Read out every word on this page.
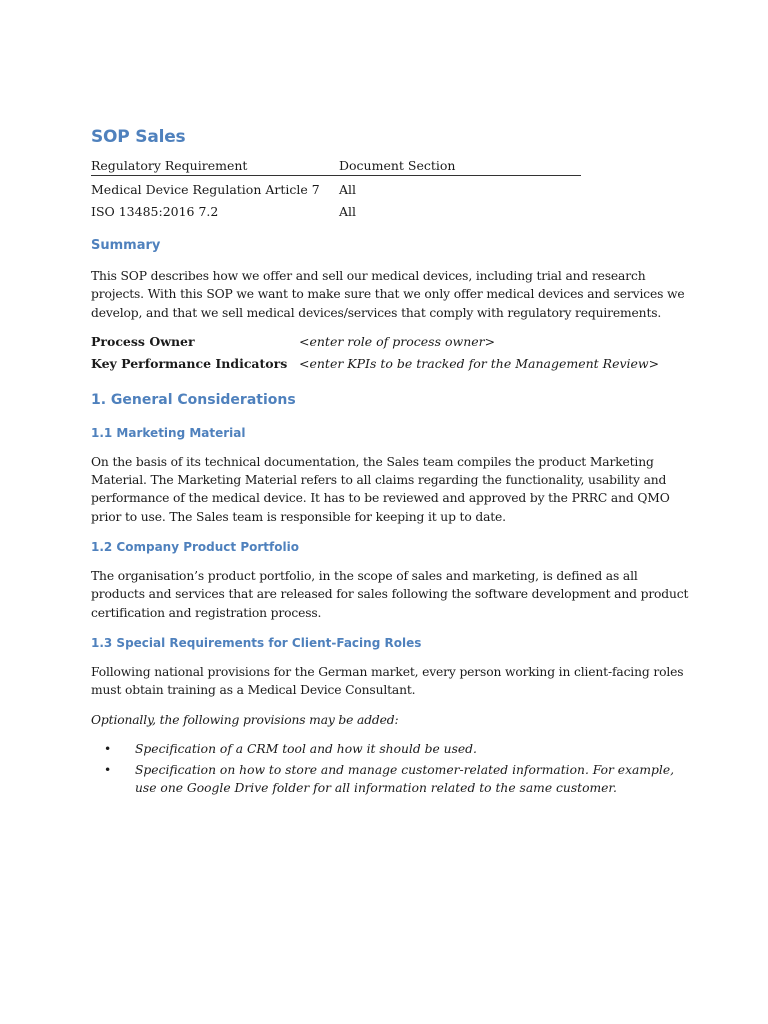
SOP Sales
Regulatory Requirement	Document Section
Medical Device Regulation Article 7	All
ISO 13485:2016 7.2	All
Summary

This SOP describes how we offer and sell our medical devices, including trial and research projects. With this SOP we want to make sure that we only offer medical devices and services we develop, and that we sell medical devices/services that comply with regulatory requirements.

Process Owner	<enter role of process owner>
Key Performance Indicators <enter KPIs to be tracked for the Management Review>
1. General Considerations
1.1 Marketing Material

On the basis of its technical documentation, the Sales team compiles the product Marketing Material. The Marketing Material refers to all claims regarding the functionality, usability and performance of the medical device. It has to be reviewed and approved by the PRRC and QMO prior to use. The Sales team is responsible for keeping it up to date.

1.2 Company Product Portfolio

The organisation’s product portfolio, in the scope of sales and marketing, is defined as all products and services that are released for sales following the software development and product certification and registration process.

1.3 Special Requirements for Client-Facing Roles

Following national provisions for the German market, every person working in client-facing roles must obtain training as a Medical Device Consultant.

Optionally, the following provisions may be added:

• Specification of a CRM tool and how it should be used.
• Specification on how to store and manage customer-related information. For example, use one Google Drive folder for all information related to the same customer.
